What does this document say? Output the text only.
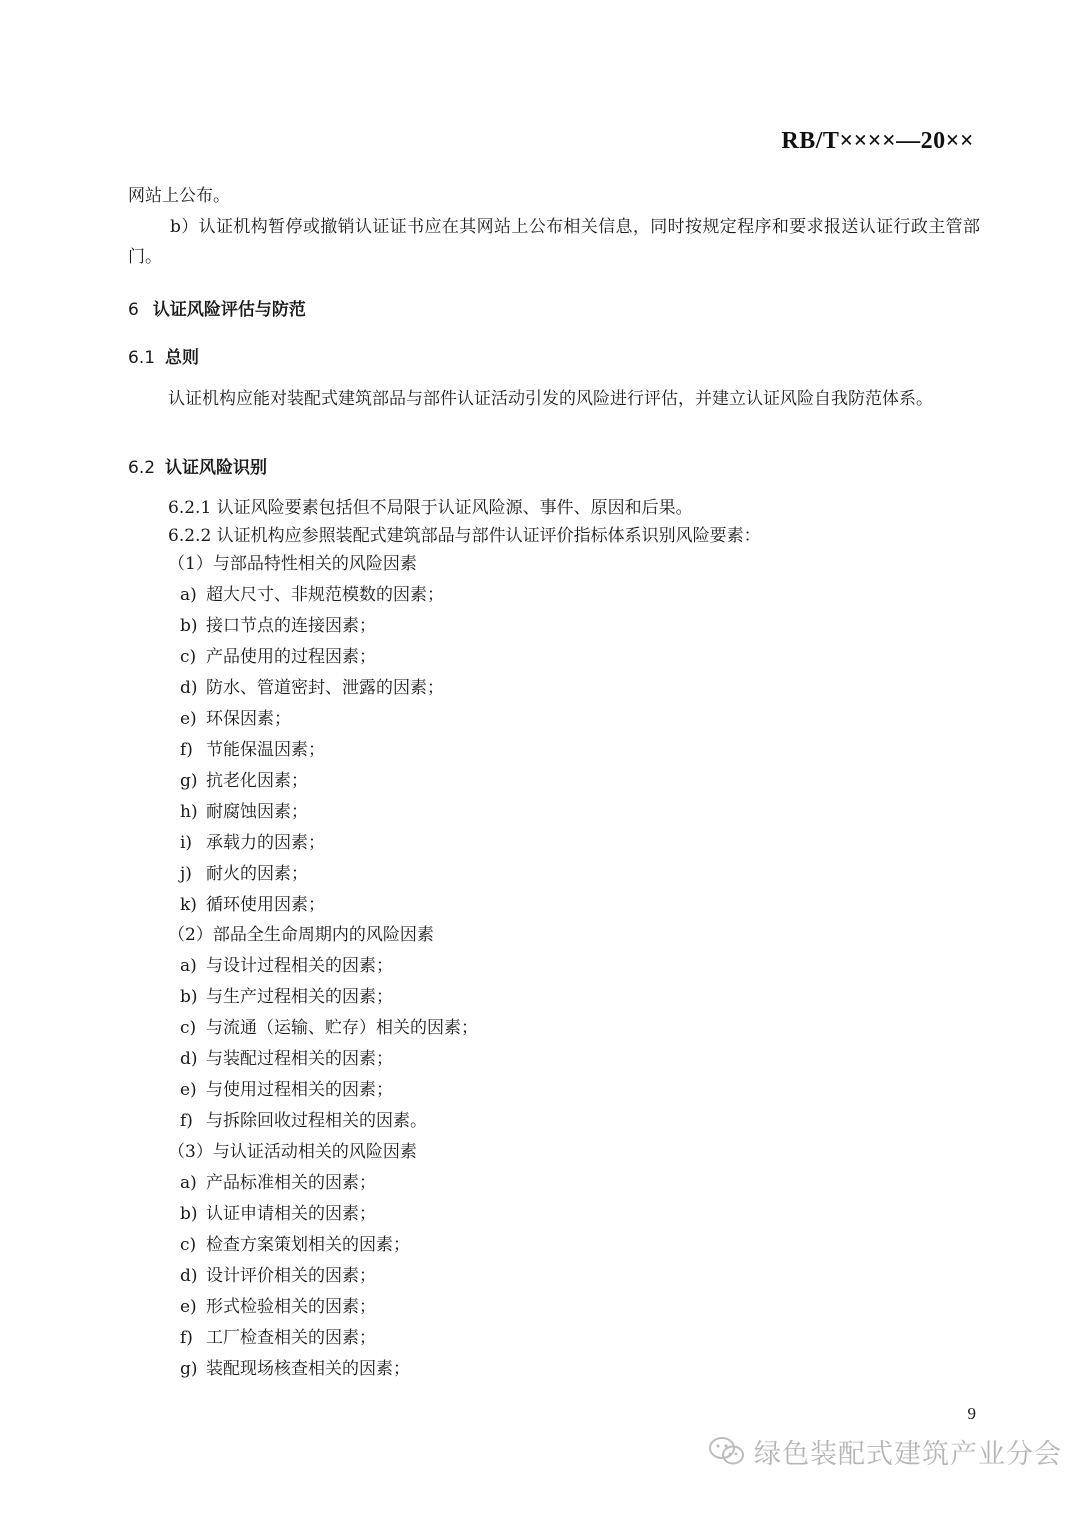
RB/T××××—20××
网站上公布。
b）认证机构暂停或撤销认证证书应在其网站上公布相关信息，同时按规定程序和要求报送认证行政主管部门。
6 认证风险评估与防范
6.1 总则
认证机构应能对装配式建筑部品与部件认证活动引发的风险进行评估，并建立认证风险自我防范体系。
6.2 认证风险识别
6.2.1 认证风险要素包括但不局限于认证风险源、事件、原因和后果。
6.2.2 认证机构应参照装配式建筑部品与部件认证评价指标体系识别风险要素：
（1）与部品特性相关的风险因素
a) 超大尺寸、非规范模数的因素；
b) 接口节点的连接因素；
c) 产品使用的过程因素；
d) 防水、管道密封、泄露的因素；
e) 环保因素；
f) 节能保温因素；
g) 抗老化因素；
h) 耐腐蚀因素；
i) 承载力的因素；
j) 耐火的因素；
k) 循环使用因素；
（2）部品全生命周期内的风险因素
a) 与设计过程相关的因素；
b) 与生产过程相关的因素；
c) 与流通（运输、贮存）相关的因素；
d) 与装配过程相关的因素；
e) 与使用过程相关的因素；
f) 与拆除回收过程相关的因素。
（3）与认证活动相关的风险因素
a) 产品标准相关的因素；
b) 认证申请相关的因素；
c) 检查方案策划相关的因素；
d) 设计评价相关的因素；
e) 形式检验相关的因素；
f) 工厂检查相关的因素；
g) 装配现场核查相关的因素；
9
绿色装配式建筑产业分会
